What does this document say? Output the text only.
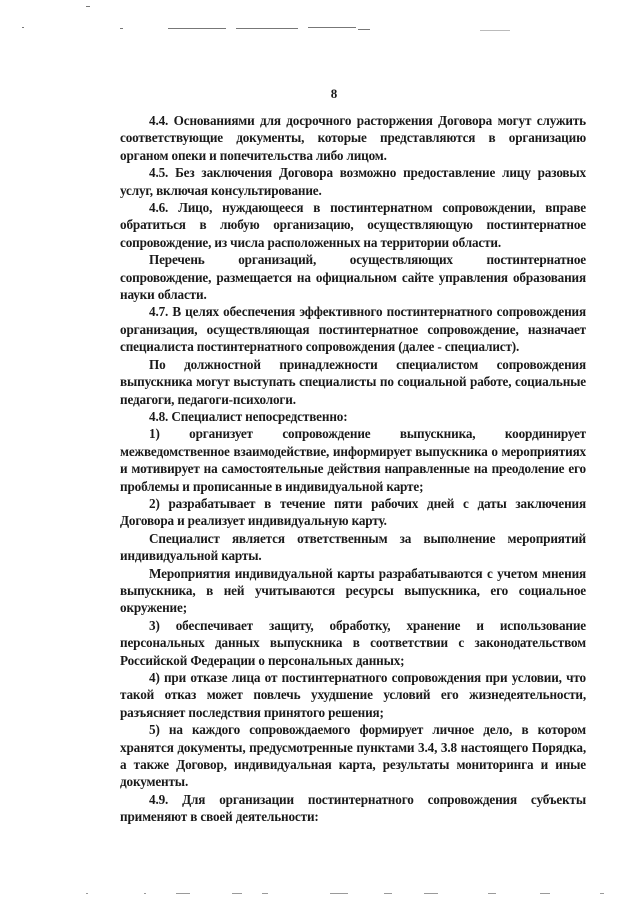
8

4.4. Основаниями для досрочного расторжения Договора могут служить соответствующие документы, которые представляются в организацию органом опеки и попечительства либо лицом.

4.5. Без заключения Договора возможно предоставление лицу разовых услуг, включая консультирование.

4.6. Лицо, нуждающееся в постинтернатном сопровождении, вправе обратиться в любую организацию, осуществляющую постинтернатное сопровождение, из числа расположенных на территории области.

Перечень организаций, осуществляющих постинтернатное сопровождение, размещается на официальном сайте управления образования науки области.

4.7. В целях обеспечения эффективного постинтернатного сопровождения организация, осуществляющая постинтернатное сопровождение, назначает специалиста постинтернатного сопровождения (далее - специалист).

По должностной принадлежности специалистом сопровождения выпускника могут выступать специалисты по социальной работе, социальные педагоги, педагоги-психологи.

4.8. Специалист непосредственно:

1) организует сопровождение выпускника, координирует межведомственное взаимодействие, информирует выпускника о мероприятиях и мотивирует на самостоятельные действия направленные на преодоление его проблемы и прописанные в индивидуальной карте;

2) разрабатывает в течение пяти рабочих дней с даты заключения Договора и реализует индивидуальную карту.

Специалист является ответственным за выполнение мероприятий индивидуальной карты.

Мероприятия индивидуальной карты разрабатываются с учетом мнения выпускника, в ней учитываются ресурсы выпускника, его социальное окружение;

3) обеспечивает защиту, обработку, хранение и использование персональных данных выпускника в соответствии с законодательством Российской Федерации о персональных данных;

4) при отказе лица от постинтернатного сопровождения при условии, что такой отказ может повлечь ухудшение условий его жизнедеятельности, разъясняет последствия принятого решения;

5) на каждого сопровождаемого формирует личное дело, в котором хранятся документы, предусмотренные пунктами 3.4, 3.8 настоящего Порядка, а также Договор, индивидуальная карта, результаты мониторинга и иные документы.

4.9. Для организации постинтернатного сопровождения субъекты применяют в своей деятельности:
